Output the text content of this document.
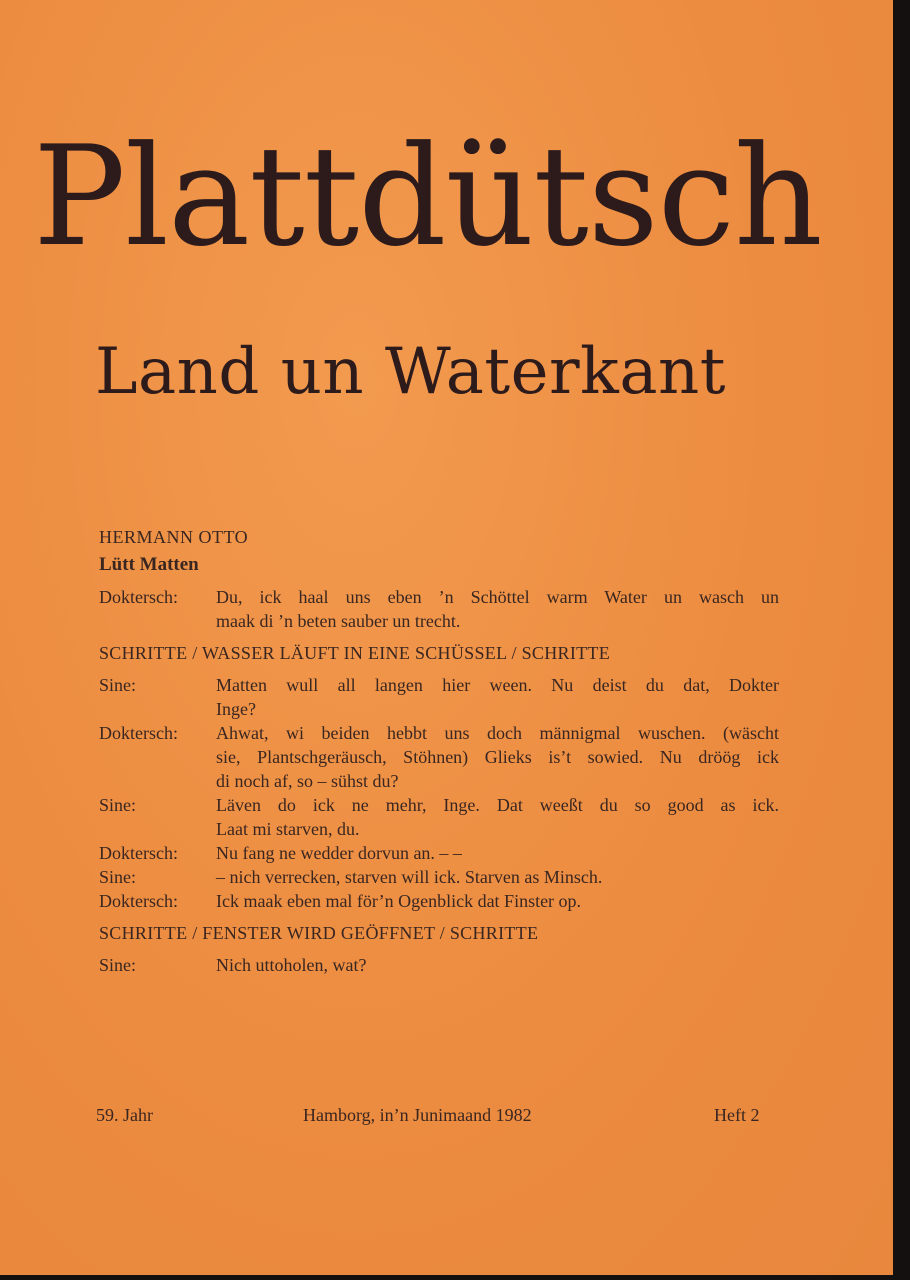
Plattdütsch
Land un Waterkant
HERMANN OTTO
Lütt Matten
Doktersch:	Du, ick haal uns eben ’n Schöttel warm Water un wasch un
maak di ’n beten sauber un trecht.
SCHRITTE / WASSER LÄUFT IN EINE SCHÜSSEL / SCHRITTE
Sine:	Matten wull all langen hier ween. Nu deist du dat, Dokter
Inge?
Doktersch:	Ahwat, wi beiden hebbt uns doch männigmal wuschen. (wäscht
sie, Plantschgeräusch, Stöhnen) Glieks is’t sowied. Nu dröög ick
di noch af, so – sühst du?
Sine:	Läven do ick ne mehr, Inge. Dat weeßt du so good as ick.
Laat mi starven, du.
Doktersch:	Nu fang ne wedder dorvun an. – –
Sine:	– nich verrecken, starven will ick. Starven as Minsch.
Doktersch:	Ick maak eben mal för’n Ogenblick dat Finster op.
SCHRITTE / FENSTER WIRD GEÖFFNET / SCHRITTE
Sine:	Nich uttoholen, wat?
59. Jahr	Hamborg, in’n Junimaand 1982	Heft 2
